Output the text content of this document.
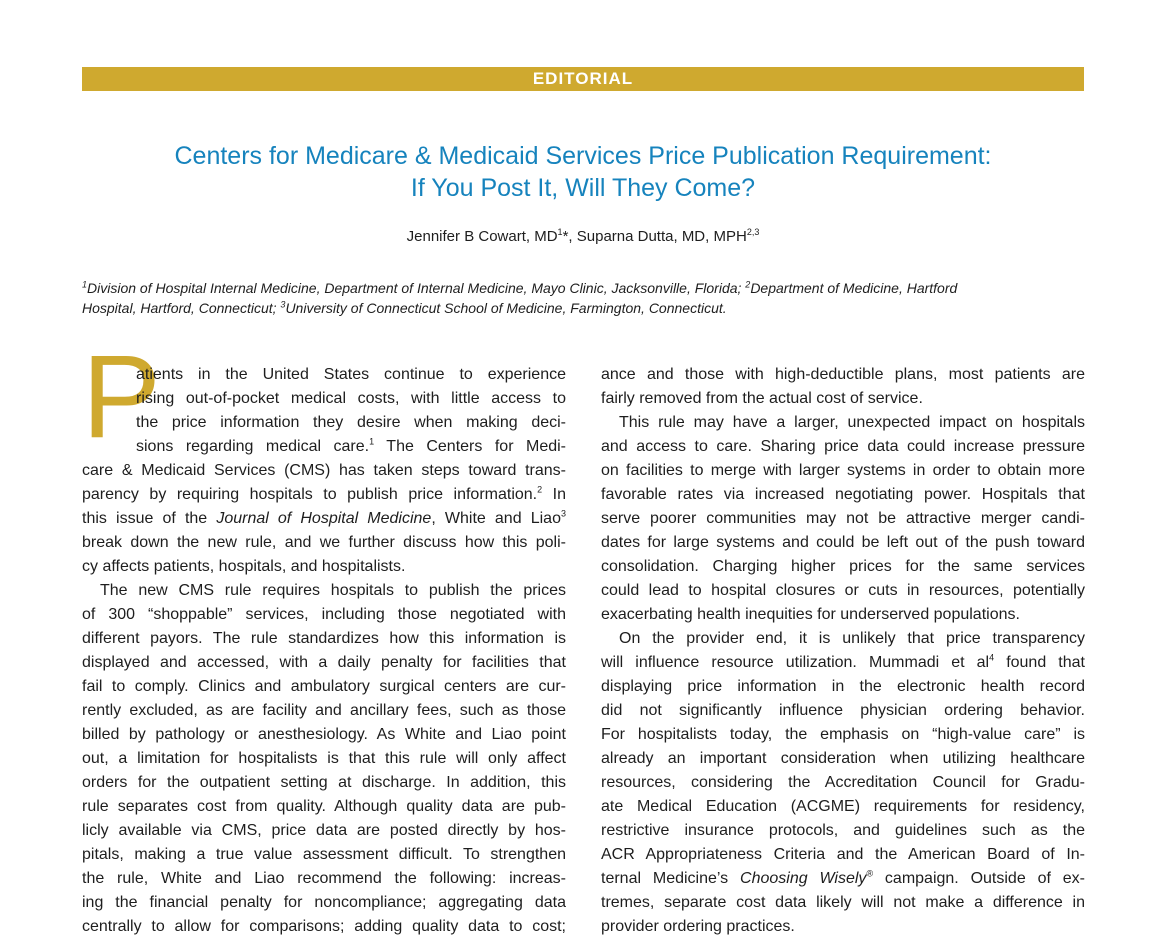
EDITORIAL
Centers for Medicare & Medicaid Services Price Publication Requirement:
If You Post It, Will They Come?
Jennifer B Cowart, $MD^1*$, Suparna Dutta, MD, MPH$^{2,3}$
$^1$Division of Hospital Internal Medicine, Department of Internal Medicine, Mayo Clinic, Jacksonville, Florida; $^2$Department of Medicine, Hartford
Hospital, Hartford, Connecticut; $^3$University of Connecticut School of Medicine, Farmington, Connecticut.
P
atients in the United States continue to experience
rising out-of-pocket medical costs, with little access to
the price information they desire when making deci-
sions regarding medical care.$^1$ The Centers for Medi-
care & Medicaid Services (CMS) has taken steps toward trans-
parency by requiring hospitals to publish price information.$^2$ In
this issue of the Journal of Hospital Medicine, White and Liao$^3$
break down the new rule, and we further discuss how this poli-
cy affects patients, hospitals, and hospitalists.
The new CMS rule requires hospitals to publish the prices
of 300 “shoppable” services, including those negotiated with
different payors. The rule standardizes how this information is
displayed and accessed, with a daily penalty for facilities that
fail to comply. Clinics and ambulatory surgical centers are cur-
rently excluded, as are facility and ancillary fees, such as those
billed by pathology or anesthesiology. As White and Liao point
out, a limitation for hospitalists is that this rule will only affect
orders for the outpatient setting at discharge. In addition, this
rule separates cost from quality. Although quality data are pub-
licly available via CMS, price data are posted directly by hos-
pitals, making a true value assessment difficult. To strengthen
the rule, White and Liao recommend the following: increas-
ing the financial penalty for noncompliance; aggregating data
centrally to allow for comparisons; adding quality data to cost;
ance and those with high-deductible plans, most patients are
fairly removed from the actual cost of service.
This rule may have a larger, unexpected impact on hospitals
and access to care. Sharing price data could increase pressure
on facilities to merge with larger systems in order to obtain more
favorable rates via increased negotiating power. Hospitals that
serve poorer communities may not be attractive merger candi-
dates for large systems and could be left out of the push toward
consolidation. Charging higher prices for the same services
could lead to hospital closures or cuts in resources, potentially
exacerbating health inequities for underserved populations.
On the provider end, it is unlikely that price transparency
will influence resource utilization. Mummadi et $al^4$ found that
displaying price information in the electronic health record
did not significantly influence physician ordering behavior.
For hospitalists today, the emphasis on “high-value care” is
already an important consideration when utilizing healthcare
resources, considering the Accreditation Council for Gradu-
ate Medical Education (ACGME) requirements for residency,
restrictive insurance protocols, and guidelines such as the
ACR Appropriateness Criteria and the American Board of In-
ternal Medicine’s Choosing Wisely® campaign. Outside of ex-
tremes, separate cost data likely will not make a difference in
provider ordering practices.
